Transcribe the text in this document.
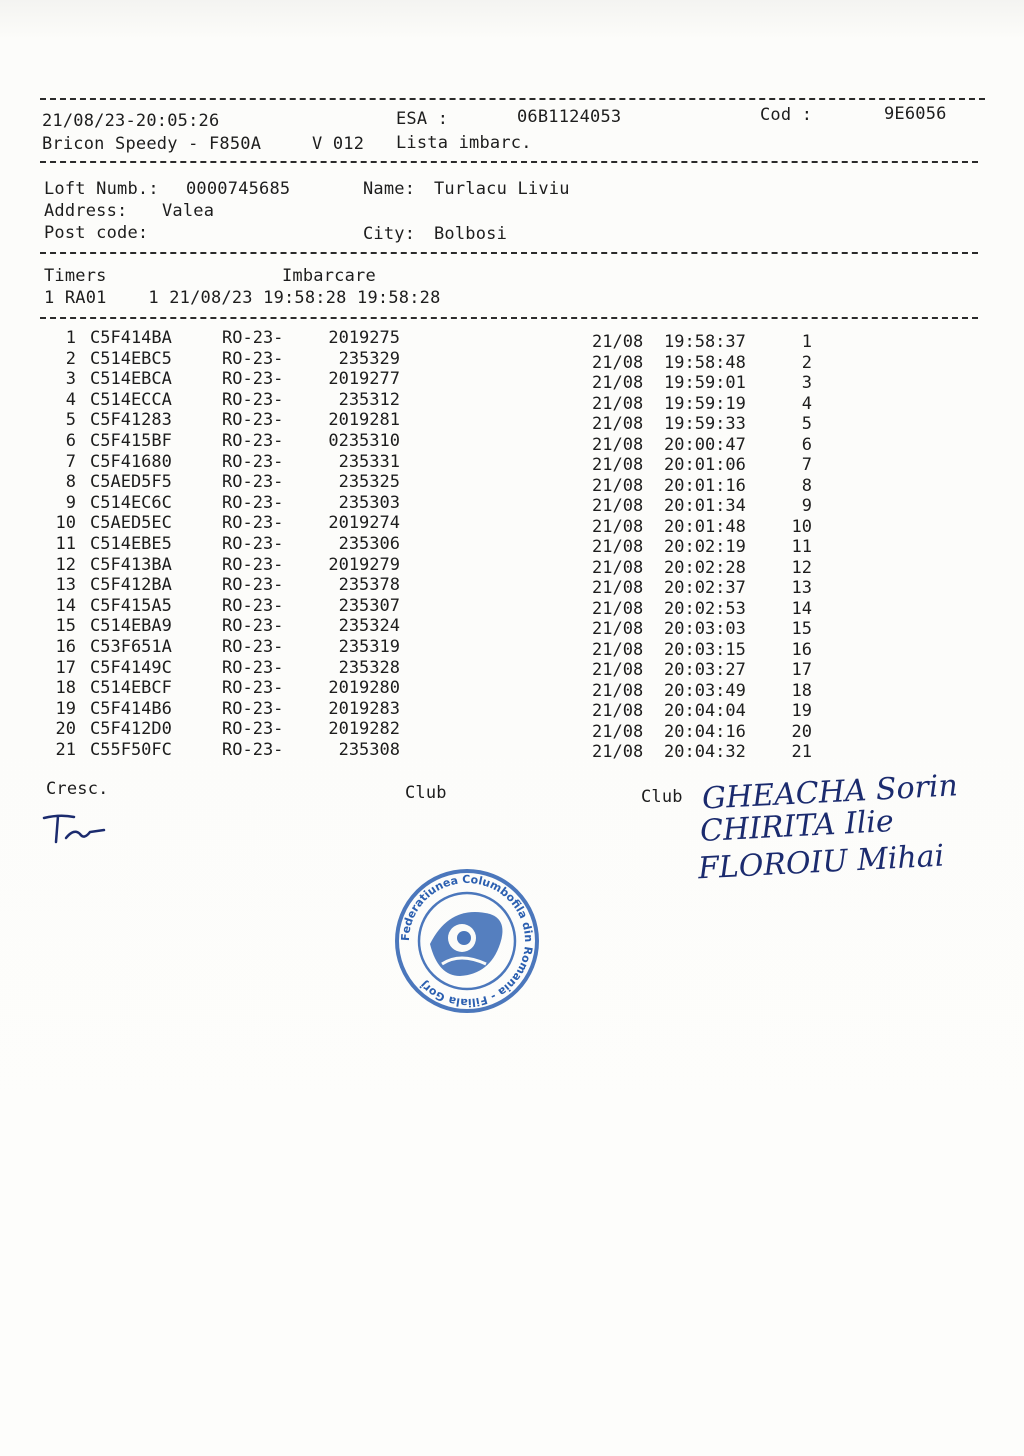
21/08/23-20:05:26	ESA :	06B1124053	Cod :	9E6056
Bricon Speedy - F850A	V 012 Lista imbarc.
Loft Numb.: 0000745685	Name: Turlacu Liviu
Address: Valea
Post code:	City: Bolbosi
Timers	Imbarcare
1 RA01    1 21/08/23 19:58:28 19:58:28
1 C5F414BA	RO-23-	2019275	21/08	19:58:37	1
2 C514EBC5	RO-23-	235329	21/08	19:58:48	2
3 C514EBCA	RO-23-	2019277	21/08	19:59:01	3
4 C514ECCA	RO-23-	235312	21/08	19:59:19	4
5 C5F41283	RO-23-	2019281	21/08	19:59:33	5
6 C5F415BF	RO-23-	0235310	21/08	20:00:47	6
7 C5F41680	RO-23-	235331	21/08	20:01:06	7
8 C5AED5F5	RO-23-	235325	21/08	20:01:16	8
9 C514EC6C	RO-23-	235303	21/08	20:01:34	9
10 C5AED5EC	RO-23-	2019274	21/08	20:01:48	10
11 C514EBE5	RO-23-	235306	21/08	20:02:19	11
12 C5F413BA	RO-23-	2019279	21/08	20:02:28	12
13 C5F412BA	RO-23-	235378	21/08	20:02:37	13
14 C5F415A5	RO-23-	235307	21/08	20:02:53	14
15 C514EBA9	RO-23-	235324	21/08	20:03:03	15
16 C53F651A	RO-23-	235319	21/08	20:03:15	16
17 C5F4149C	RO-23-	235328	21/08	20:03:27	17
18 C514EBCF	RO-23-	2019280	21/08	20:03:49	18
19 C5F414B6	RO-23-	2019283	21/08	20:04:04	19
20 C5F412D0	RO-23-	2019282	21/08	20:04:16	20
21 C55F50FC	RO-23-	235308	21/08	20:04:32	21
Cresc.	Club	Club GHEACHA Sorin
CHIRITA Ilie
FLOROIU Mihai
Federatiunea Columbofila din Romania - Filiala Gorj
